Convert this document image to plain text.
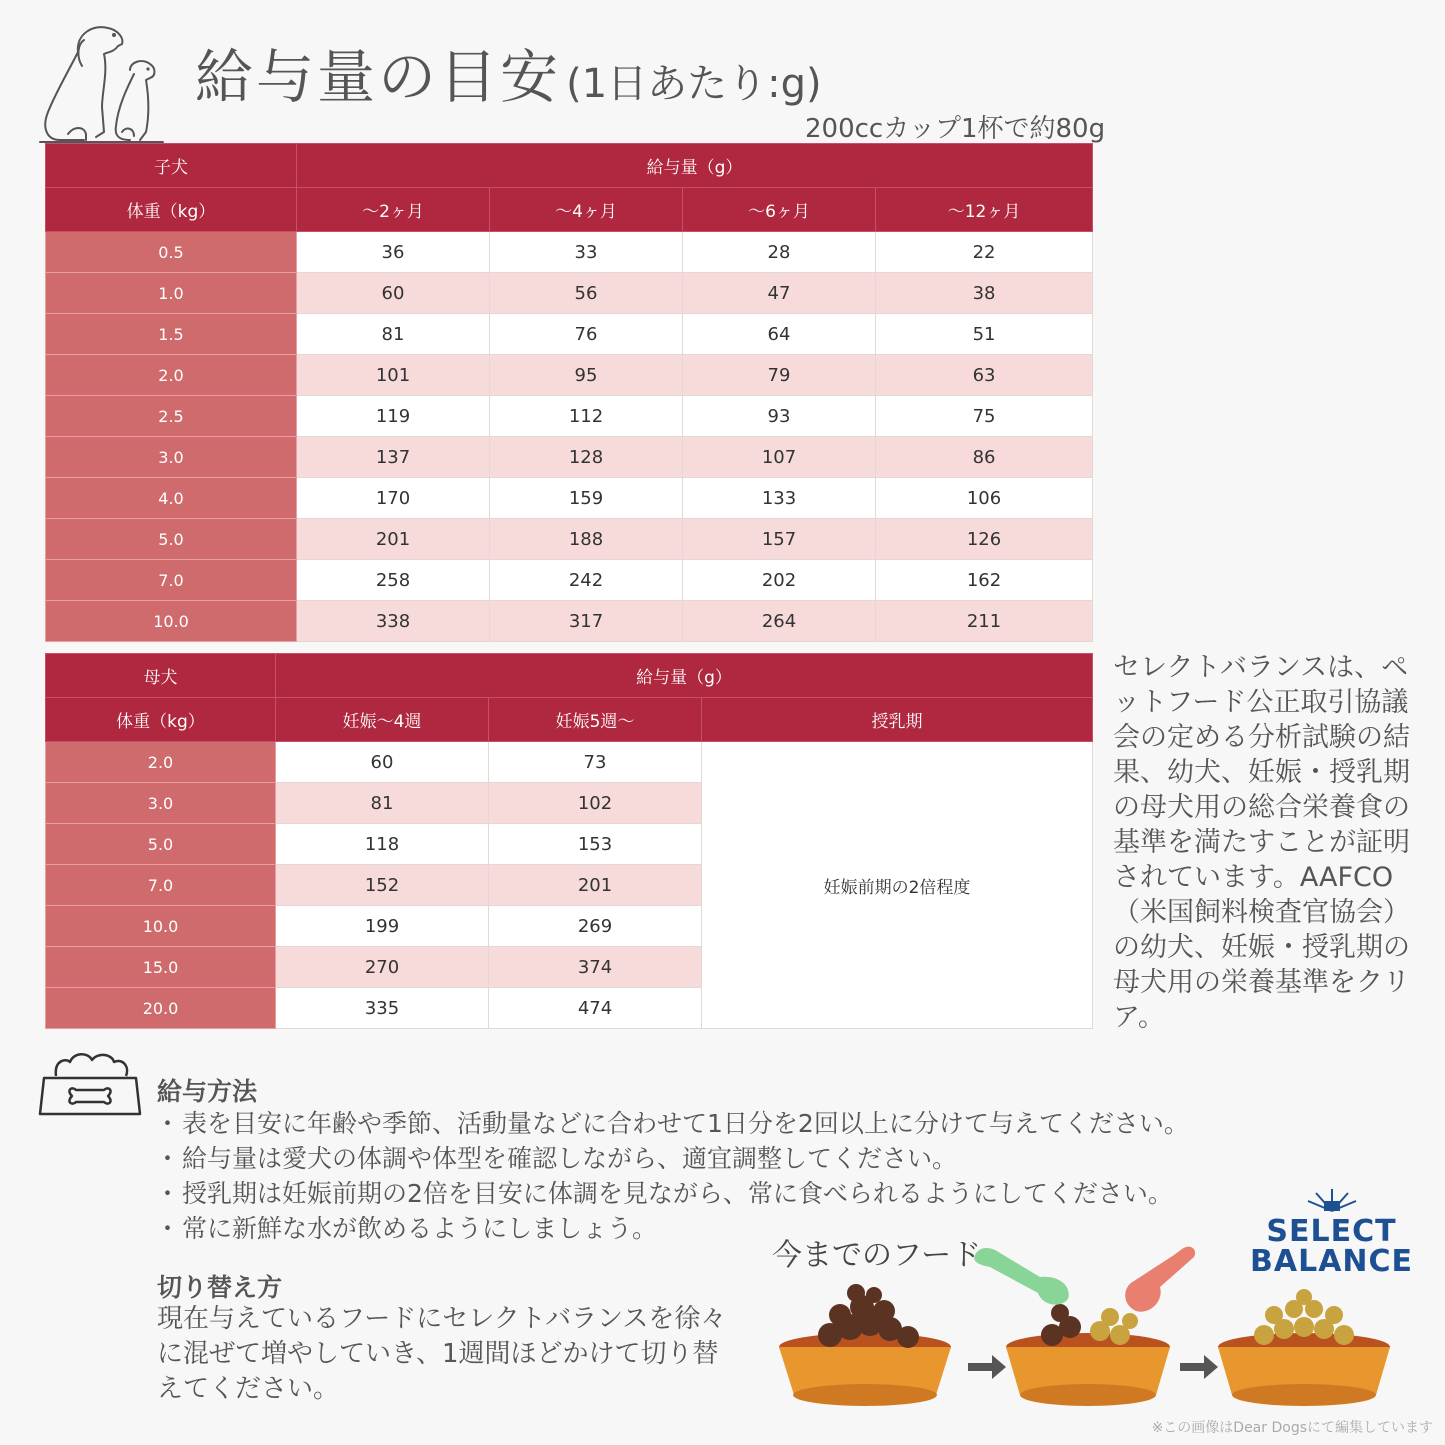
給与量の目安 (1日あたり:g)
200ccカップ1杯で約80g
子犬	給与量（g）			
体重（kg）	～2ヶ月	～4ヶ月	～6ヶ月	～12ヶ月
0.5	36	33	28	22
1.0	60	56	47	38
1.5	81	76	64	51
2.0	101	95	79	63
2.5	119	112	93	75
3.0	137	128	107	86
4.0	170	159	133	106
5.0	201	188	157	126
7.0	258	242	202	162
10.0	338	317	264	211
母犬	給与量（g）		
体重（kg）	妊娠～4週	妊娠5週～	授乳期
2.0	60	73	妊娠前期の2倍程度
3.0	81	102	
5.0	118	153	
7.0	152	201	
10.0	199	269	
15.0	270	374	
20.0	335	474	
セレクトバランスは、ペットフード公正取引協議会の定める分析試験の結果、幼犬、妊娠・授乳期の母犬用の総合栄養食の基準を満たすことが証明されています。AAFCO（米国飼料検査官協会）の幼犬、妊娠・授乳期の母犬用の栄養基準をクリア。
給与方法
・ 表を目安に年齢や季節、活動量などに合わせて1日分を2回以上に分けて与えてください。
・ 給与量は愛犬の体調や体型を確認しながら、適宜調整してください。
・ 授乳期は妊娠前期の2倍を目安に体調を見ながら、常に食べられるようにしてください。
・ 常に新鮮な水が飲めるようにしましょう。
切り替え方
現在与えているフードにセレクトバランスを徐々に混ぜて増やしていき、1週間ほどかけて切り替えてください。
今までのフード
SELECT
BALANCE
※この画像はDear Dogsにて編集しています
